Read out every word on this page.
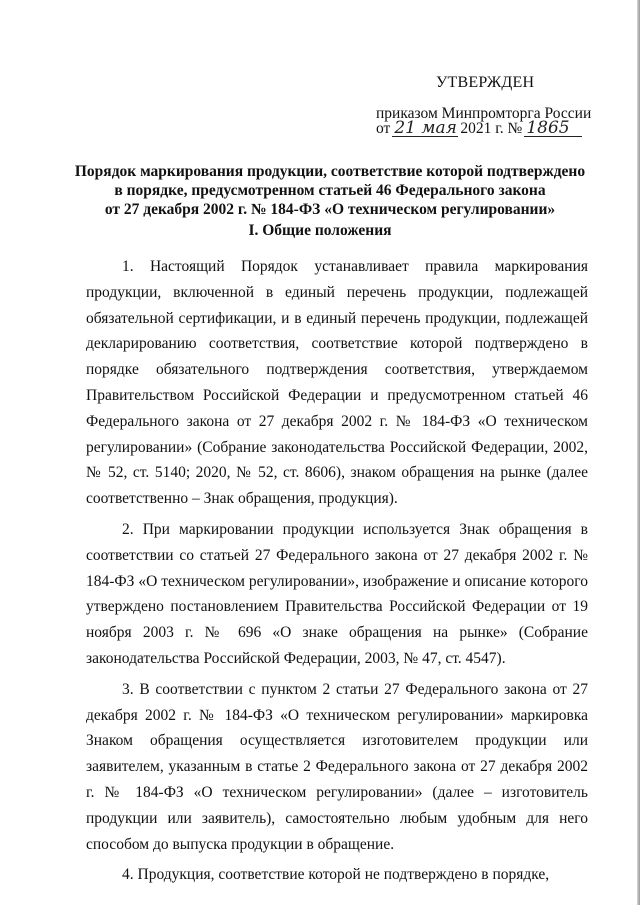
УТВЕРЖДЕН
приказом Минпромторга России
от 21 мая 2021 г. № 1865
Порядок маркирования продукции, соответствие которой подтверждено
в порядке, предусмотренном статьей 46 Федерального закона
от 27 декабря 2002 г. № 184-ФЗ «О техническом регулировании»
I. Общие положения

1. Настоящий Порядок устанавливает правила маркирования продукции, включенной в единый перечень продукции, подлежащей обязательной сертификации, и в единый перечень продукции, подлежащей декларированию соответствия, соответствие которой подтверждено в порядке обязательного подтверждения соответствия, утверждаемом Правительством Российской Федерации и предусмотренном статьей 46 Федерального закона от 27 декабря 2002 г. № 184-ФЗ «О техническом регулировании» (Собрание законодательства Российской Федерации, 2002, № 52, ст. 5140; 2020, № 52, ст. 8606), знаком обращения на рынке (далее соответственно – Знак обращения, продукция).

2. При маркировании продукции используется Знак обращения в соответствии со статьей 27 Федерального закона от 27 декабря 2002 г. № 184-ФЗ «О техническом регулировании», изображение и описание которого утверждено постановлением Правительства Российской Федерации от 19 ноября 2003 г. № 696 «О знаке обращения на рынке» (Собрание законодательства Российской Федерации, 2003, № 47, ст. 4547).

3. В соответствии с пунктом 2 статьи 27 Федерального закона от 27 декабря 2002 г. № 184-ФЗ «О техническом регулировании» маркировка Знаком обращения осуществляется изготовителем продукции или заявителем, указанным в статье 2 Федерального закона от 27 декабря 2002 г. № 184-ФЗ «О техническом регулировании» (далее – изготовитель продукции или заявитель), самостоятельно любым удобным для него способом до выпуска продукции в обращение.

4. Продукция, соответствие которой не подтверждено в порядке,
